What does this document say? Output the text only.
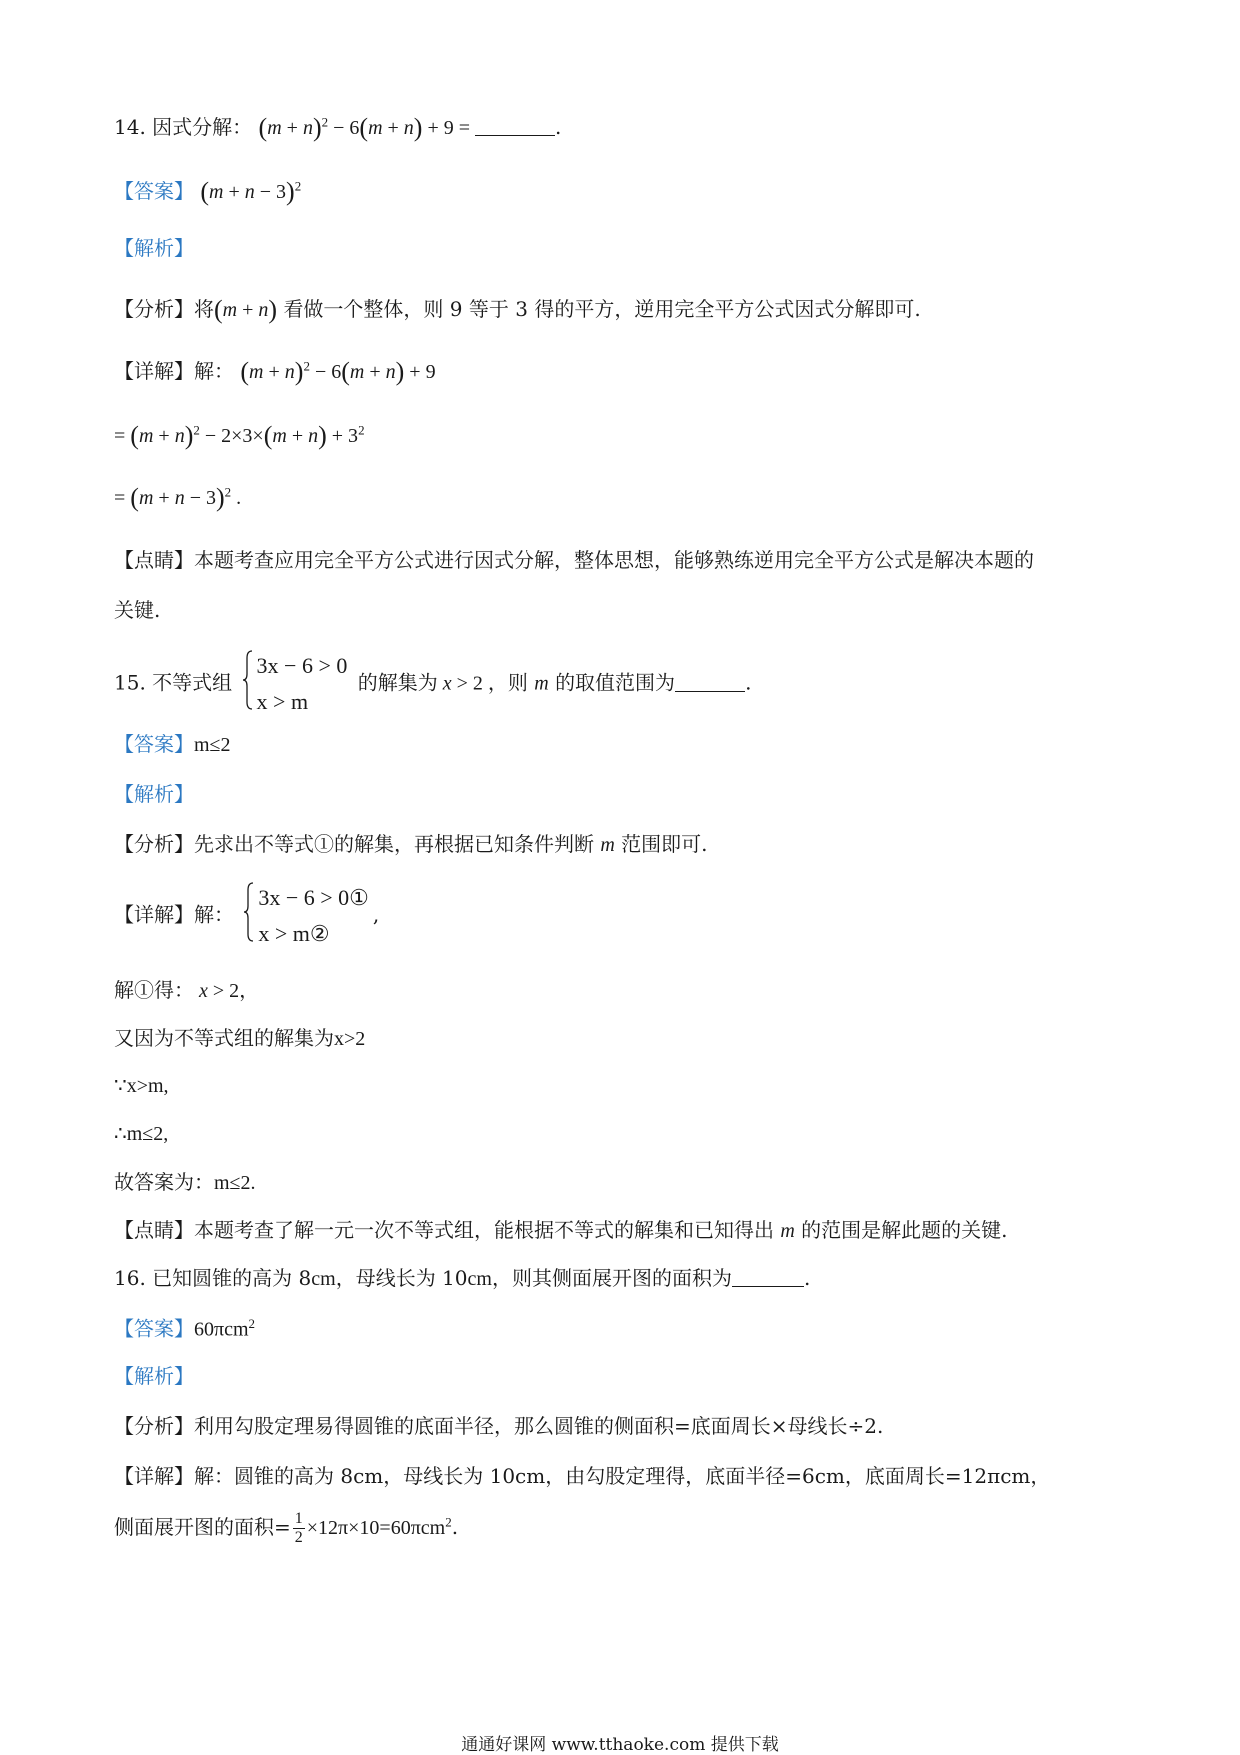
14. 因式分解： $(m + n)^2 - 6(m + n) + 9$ =	.
【答案】 $(m + n - 3)^2$
【解析】
【分析】将(m + n) 看做一个整体，则 9 等于 3 得的平方，逆用完全平方公式因式分解即可.
【详解】解： $(m + n)^2 - 6(m + n) + 9$
= $(m + n)^2 - 2\times 3\times(m + n) + 3^2$
= $(m + n - 3)^2$ .
【点睛】本题考查应用完全平方公式进行因式分解，整体思想，能够熟练逆用完全平方公式是解决本题的
关键.
15. 不等式组
3x − 6 > 0
x > m
的解集为 x > 2 ，则 m 的取值范围为	.
【答案】m≤2
【解析】
【分析】先求出不等式①的解集，再根据已知条件判断 m 范围即可.
【详解】解：
3x − 6 > 0①
x > m②
,
解①得： x > 2，
又因为不等式组的解集为x>2
∵x>m,
∴m≤2,
故答案为：m≤2.
【点睛】本题考查了解一元一次不等式组，能根据不等式的解集和已知得出 m 的范围是解此题的关键.
16. 已知圆锥的高为 8cm，母线长为 10cm，则其侧面展开图的面积为	.
【答案】60πcm$^2$
【解析】
【分析】利用勾股定理易得圆锥的底面半径，那么圆锥的侧面积=底面周长×母线长÷2.
【详解】解：圆锥的高为 8cm，母线长为 10cm，由勾股定理得，底面半径=6cm，底面周长=12πcm，
侧面展开图的面积= $\frac{1}{2} \times 12\pi\times 10=60\pi cm^2$.
通通好课网 www.tthaoke.com 提供下载
